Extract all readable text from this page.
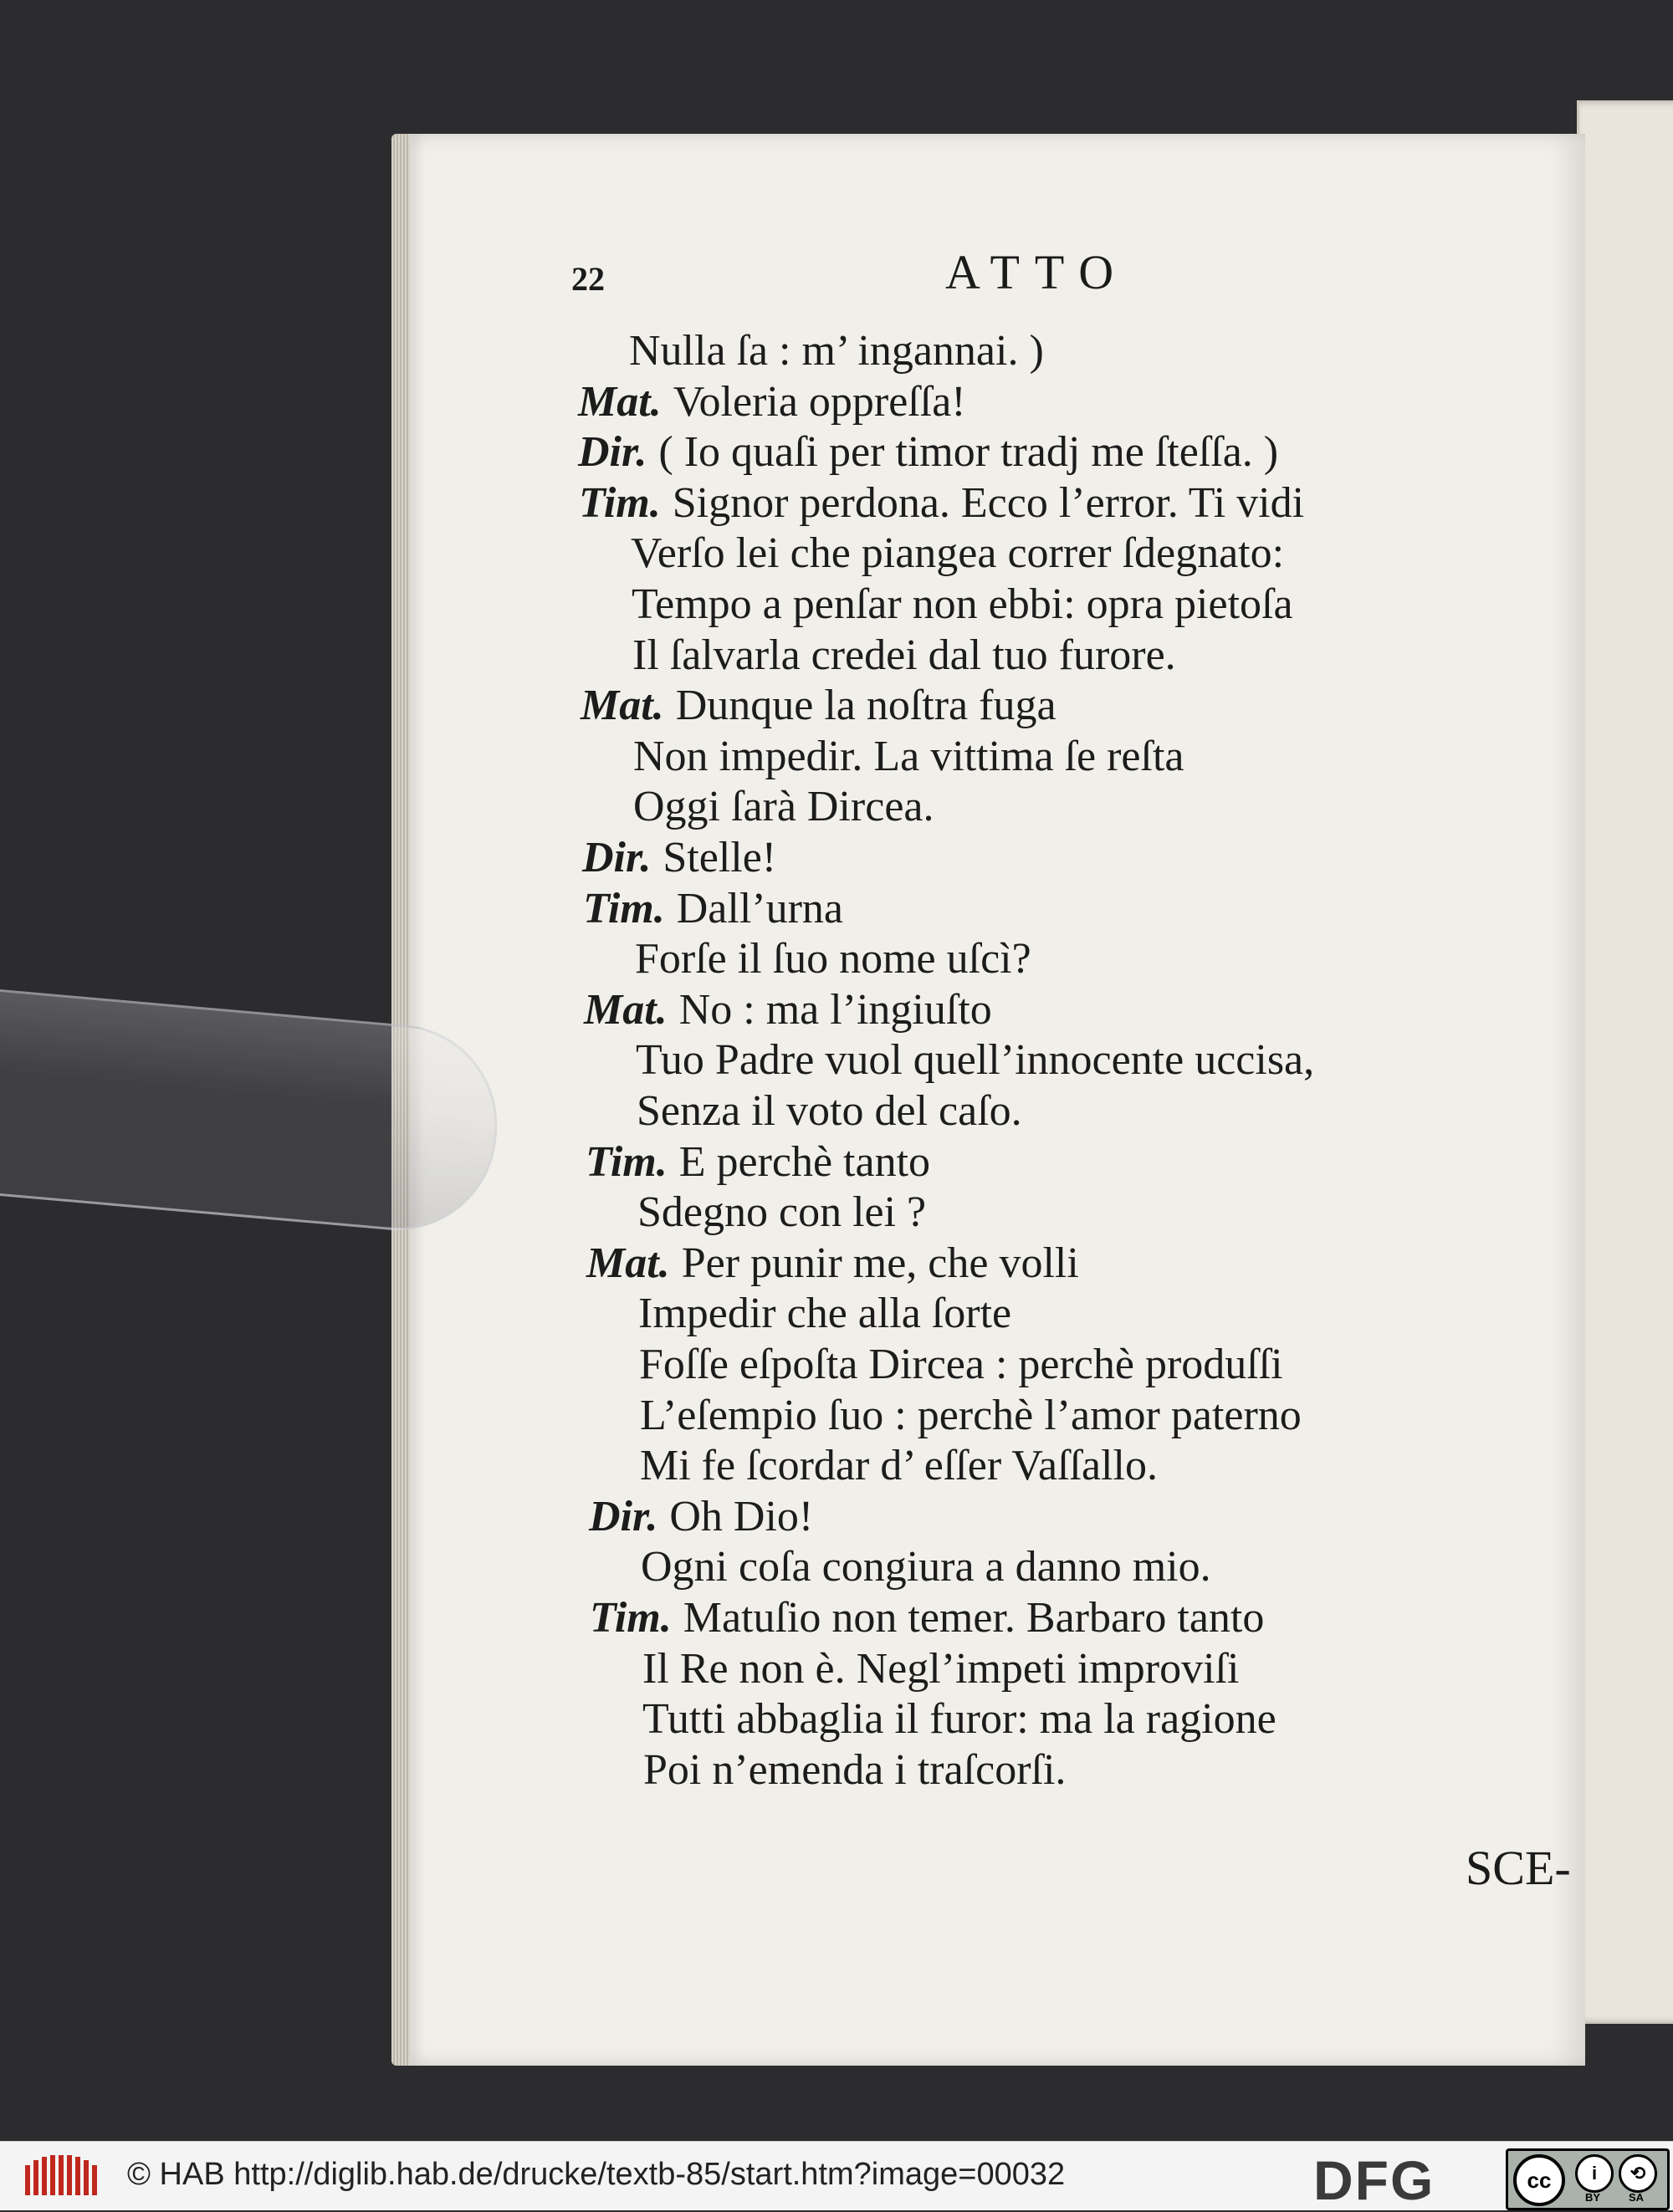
22	ATTO
Nulla ſa : m’ ingannai. )
Mat. Voleria oppreſſa!
Dir. ( Io quaſi per timor tradj me ſteſſa. )
Tim. Signor perdona. Ecco l’error. Ti vidi
Verſo lei che piangea correr ſdegnato:
Tempo a penſar non ebbi: opra pietoſa
Il ſalvarla credei dal tuo furore.
Mat. Dunque la noſtra fuga
Non impedir. La vittima ſe reſta
Oggi ſarà Dircea.
Dir. Stelle!
Tim. Dall’urna
Forſe il ſuo nome uſcì?
Mat. No : ma l’ingiuſto
Tuo Padre vuol quell’innocente uccisa,
Senza il voto del caſo.
Tim. E perchè tanto
Sdegno con lei ?
Mat. Per punir me, che volli
Impedir che alla ſorte
Foſſe eſpoſta Dircea : perchè produſſi
L’eſempio ſuo : perchè l’amor paterno
Mi fe ſcordar d’ eſſer Vaſſallo.
Dir. Oh Dio!
Ogni coſa congiura a danno mio.
Tim. Matuſio non temer. Barbaro tanto
Il Re non è. Negl’impeti improviſi
Tutti abbaglia il furor: ma la ragione
Poi n’emenda i traſcorſi.
SCE-
© HAB http://diglib.hab.de/drucke/textb-85/start.htm?image=00032	DFG	cc	i	⟲
BY	SA
